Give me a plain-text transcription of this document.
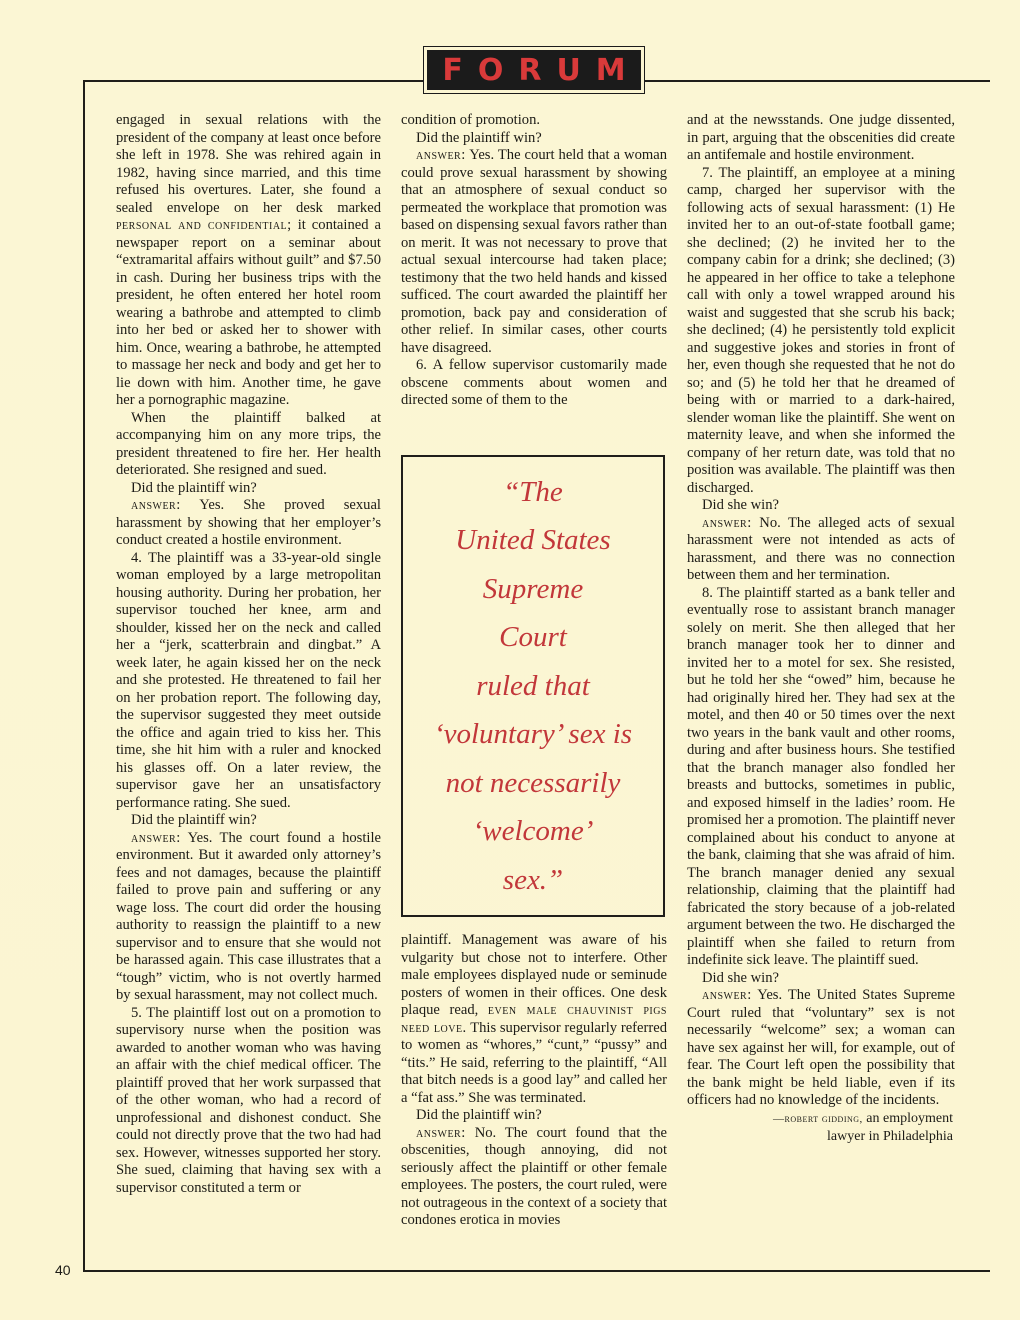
FORUM

engaged in sexual relations with the president of the company at least once before she left in 1978. She was rehired again in 1982, having since married, and this time refused his overtures. Later, she found a sealed envelope on her desk marked personal and confidential; it contained a newspaper report on a seminar about “extramarital affairs without guilt” and $7.50 in cash. During her business trips with the president, he often entered her hotel room wearing a bathrobe and attempted to climb into her bed or asked her to shower with him. Once, wearing a bathrobe, he attempted to massage her neck and body and get her to lie down with him. Another time, he gave her a pornographic magazine.

When the plaintiff balked at accompanying him on any more trips, the president threatened to fire her. Her health deteriorated. She resigned and sued.

Did the plaintiff win?

answer: Yes. She proved sexual harassment by showing that her employer’s conduct created a hostile environment.

4. The plaintiff was a 33-year-old single woman employed by a large metropolitan housing authority. During her probation, her supervisor touched her knee, arm and shoulder, kissed her on the neck and called her a “jerk, scatterbrain and dingbat.” A week later, he again kissed her on the neck and she protested. He threatened to fail her on her probation report. The following day, the supervisor suggested they meet outside the office and again tried to kiss her. This time, she hit him with a ruler and knocked his glasses off. On a later review, the supervisor gave her an unsatisfactory performance rating. She sued.

Did the plaintiff win?

answer: Yes. The court found a hostile environment. But it awarded only attorney’s fees and not damages, because the plaintiff failed to prove pain and suffering or any wage loss. The court did order the housing authority to reassign the plaintiff to a new supervisor and to ensure that she would not be harassed again. This case illustrates that a “tough” victim, who is not overtly harmed by sexual harassment, may not collect much.

5. The plaintiff lost out on a promotion to supervisory nurse when the position was awarded to another woman who was having an affair with the chief medical officer. The plaintiff proved that her work surpassed that of the other woman, who had a record of unprofessional and dishonest conduct. She could not directly prove that the two had had sex. However, witnesses supported her story. She sued, claiming that having sex with a supervisor constituted a term or

condition of promotion.

Did the plaintiff win?

answer: Yes. The court held that a woman could prove sexual harassment by showing that an atmosphere of sexual conduct so permeated the workplace that promotion was based on dispensing sexual favors rather than on merit. It was not necessary to prove that actual sexual intercourse had taken place; testimony that the two held hands and kissed sufficed. The court awarded the plaintiff her promotion, back pay and consideration of other relief. In similar cases, other courts have disagreed.

6. A fellow supervisor customarily made obscene comments about women and directed some of them to the

“The
United States
Supreme
Court
ruled that
‘voluntary’ sex is
not necessarily
‘welcome’
sex.”

plaintiff. Management was aware of his vulgarity but chose not to interfere. Other male employees displayed nude or seminude posters of women in their offices. One desk plaque read, even male chauvinist pigs need love. This supervisor regularly referred to women as “whores,” “cunt,” “pussy” and “tits.” He said, referring to the plaintiff, “All that bitch needs is a good lay” and called her a “fat ass.” She was terminated.

Did the plaintiff win?

answer: No. The court found that the obscenities, though annoying, did not seriously affect the plaintiff or other female employees. The posters, the court ruled, were not outrageous in the context of a society that condones erotica in movies

and at the newsstands. One judge dissented, in part, arguing that the obscenities did create an antifemale and hostile environment.

7. The plaintiff, an employee at a mining camp, charged her supervisor with the following acts of sexual harassment: (1) He invited her to an out-of-state football game; she declined; (2) he invited her to the company cabin for a drink; she declined; (3) he appeared in her office to take a telephone call with only a towel wrapped around his waist and suggested that she scrub his back; she declined; (4) he persistently told explicit and suggestive jokes and stories in front of her, even though she requested that he not do so; and (5) he told her that he dreamed of being with or married to a dark-haired, slender woman like the plaintiff. She went on maternity leave, and when she informed the company of her return date, was told that no position was available. The plaintiff was then discharged.

Did she win?

answer: No. The alleged acts of sexual harassment were not intended as acts of harassment, and there was no connection between them and her termination.

8. The plaintiff started as a bank teller and eventually rose to assistant branch manager solely on merit. She then alleged that her branch manager took her to dinner and invited her to a motel for sex. She resisted, but he told her she “owed” him, because he had originally hired her. They had sex at the motel, and then 40 or 50 times over the next two years in the bank vault and other rooms, during and after business hours. She testified that the branch manager also fondled her breasts and buttocks, sometimes in public, and exposed himself in the ladies’ room. He promised her a promotion. The plaintiff never complained about his conduct to anyone at the bank, claiming that she was afraid of him. The branch manager denied any sexual relationship, claiming that the plaintiff had fabricated the story because of a job-related argument between the two. He discharged the plaintiff when she failed to return from indefinite sick leave. The plaintiff sued.

Did she win?

answer: Yes. The United States Supreme Court ruled that “voluntary” sex is not necessarily “welcome” sex; a woman can have sex against her will, for example, out of fear. The Court left open the possibility that the bank might be held liable, even if its officers had no knowledge of the incidents.

—robert gidding, an employment
lawyer in Philadelphia
40
